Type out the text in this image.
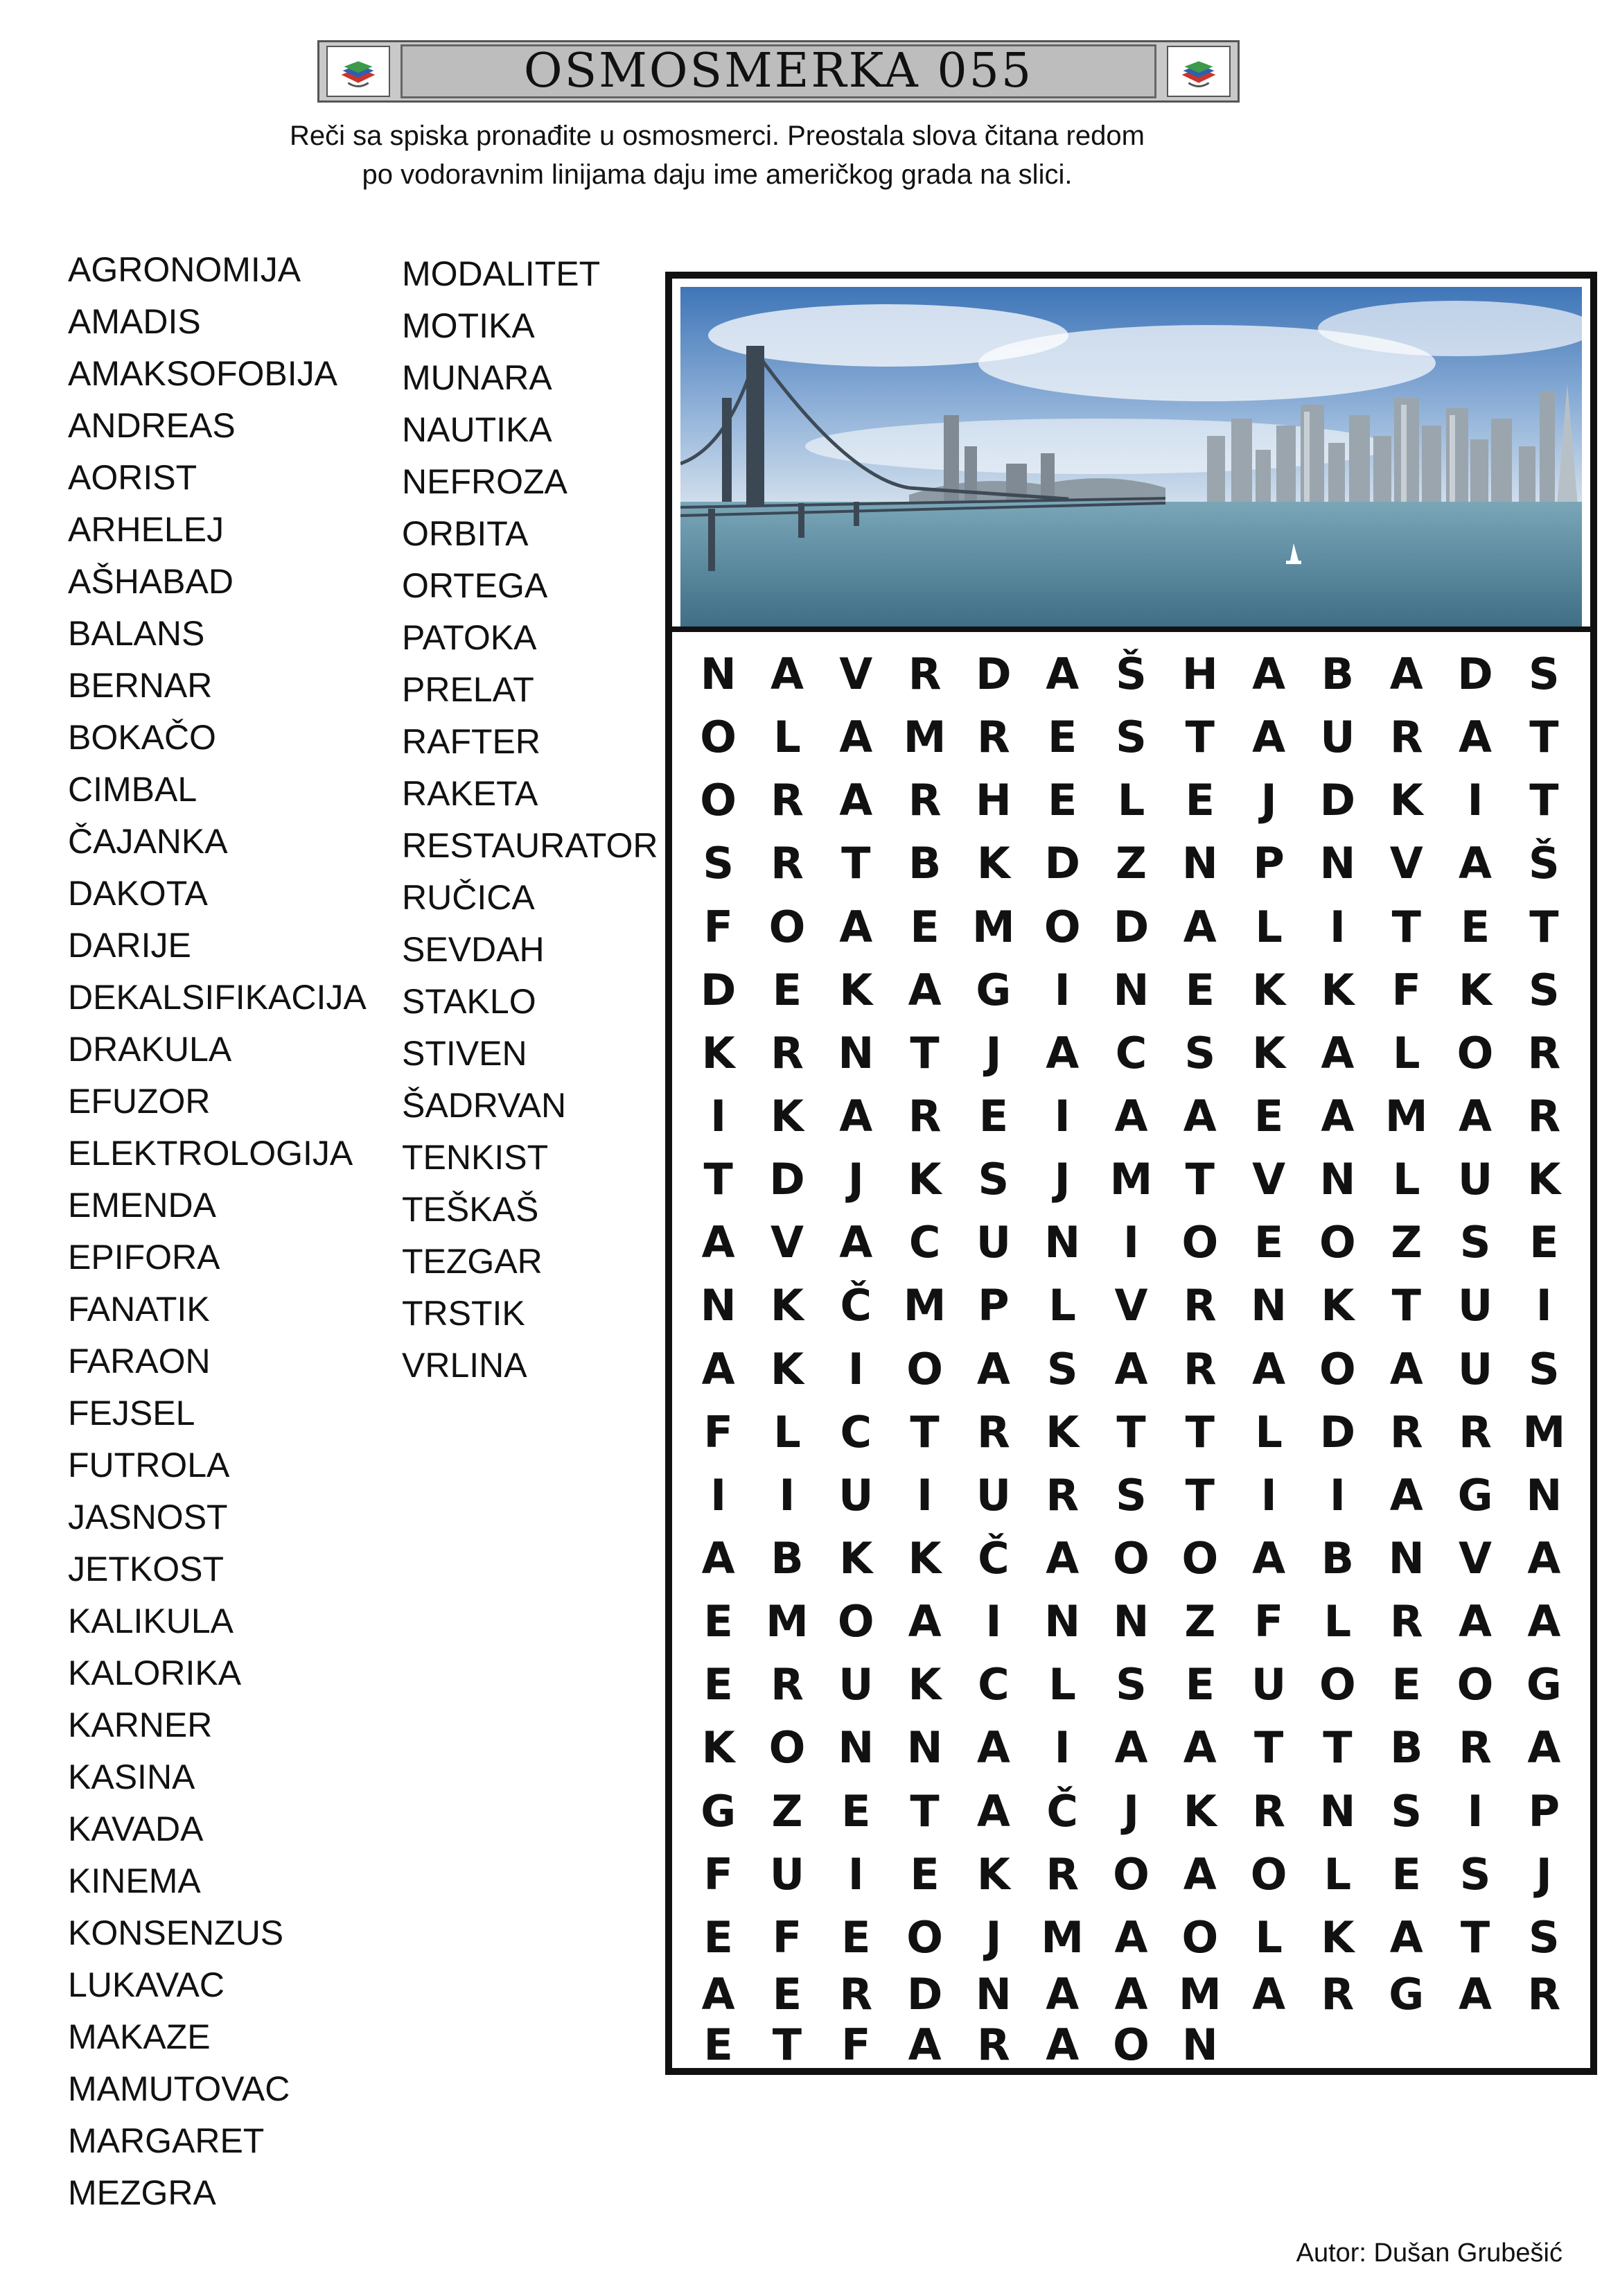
OSMOSMERKA 055
Reči sa spiska pronađite u osmosmerci. Preostala slova čitana redom
po vodoravnim linijama daju ime američkog grada na slici.
AGRONOMIJA
AMADIS
AMAKSOFOBIJA
ANDREAS
AORIST
ARHELEJ
AŠHABAD
BALANS
BERNAR
BOKAČO
CIMBAL
ČAJANKA
DAKOTA
DARIJE
DEKALSIFIKACIJA
DRAKULA
EFUZOR
ELEKTROLOGIJA
EMENDA
EPIFORA
FANATIK
FARAON
FEJSEL
FUTROLA
JASNOST
JETKOST
KALIKULA
KALORIKA
KARNER
KASINA
KAVADA
KINEMA
KONSENZUS
LUKAVAC
MAKAZE
MAMUTOVAC
MARGARET
MEZGRA
MODALITET
MOTIKA
MUNARA
NAUTIKA
NEFROZA
ORBITA
ORTEGA
PATOKA
PRELAT
RAFTER
RAKETA
RESTAURATOR
RUČICA
SEVDAH
STAKLO
STIVEN
ŠADRVAN
TENKIST
TEŠKAŠ
TEZGAR
TRSTIK
VRLINA
N A V R D A Š H A B A D S
O L A M R E S T A U R A T
O R A R H E L E	J	D K	I	T
S R T B K D Z N P N V A Š
F O A E M O D A L	I	T E T
D E K A G	I N E K K F K S
K R N T	J	A C S K A L O R
I	K A R E	I	A A E A M A R
T D	J	K S	J M T V N L U K
A V A C U N I O E O Z S E
N K Č M P L V R N K T U	I
A K	I O A S A R A O A U S
F L C T R K T T L D R R M
I	I	U	I	U R S T	I	I	A G N
A B K K Č A O O A B N V A
E M O A	I N N Z F L R A A
E R U K C L S E U O E O G
K O N N A	I	A A T T B R A
G Z E T A Č	J	K R N S	I	P
F U	I	E K R O A O L E S	J
E F E O J M A O L K A T S
A E R D N A A M A R G A R
E T F A R A O N
Autor: Dušan Grubešić
